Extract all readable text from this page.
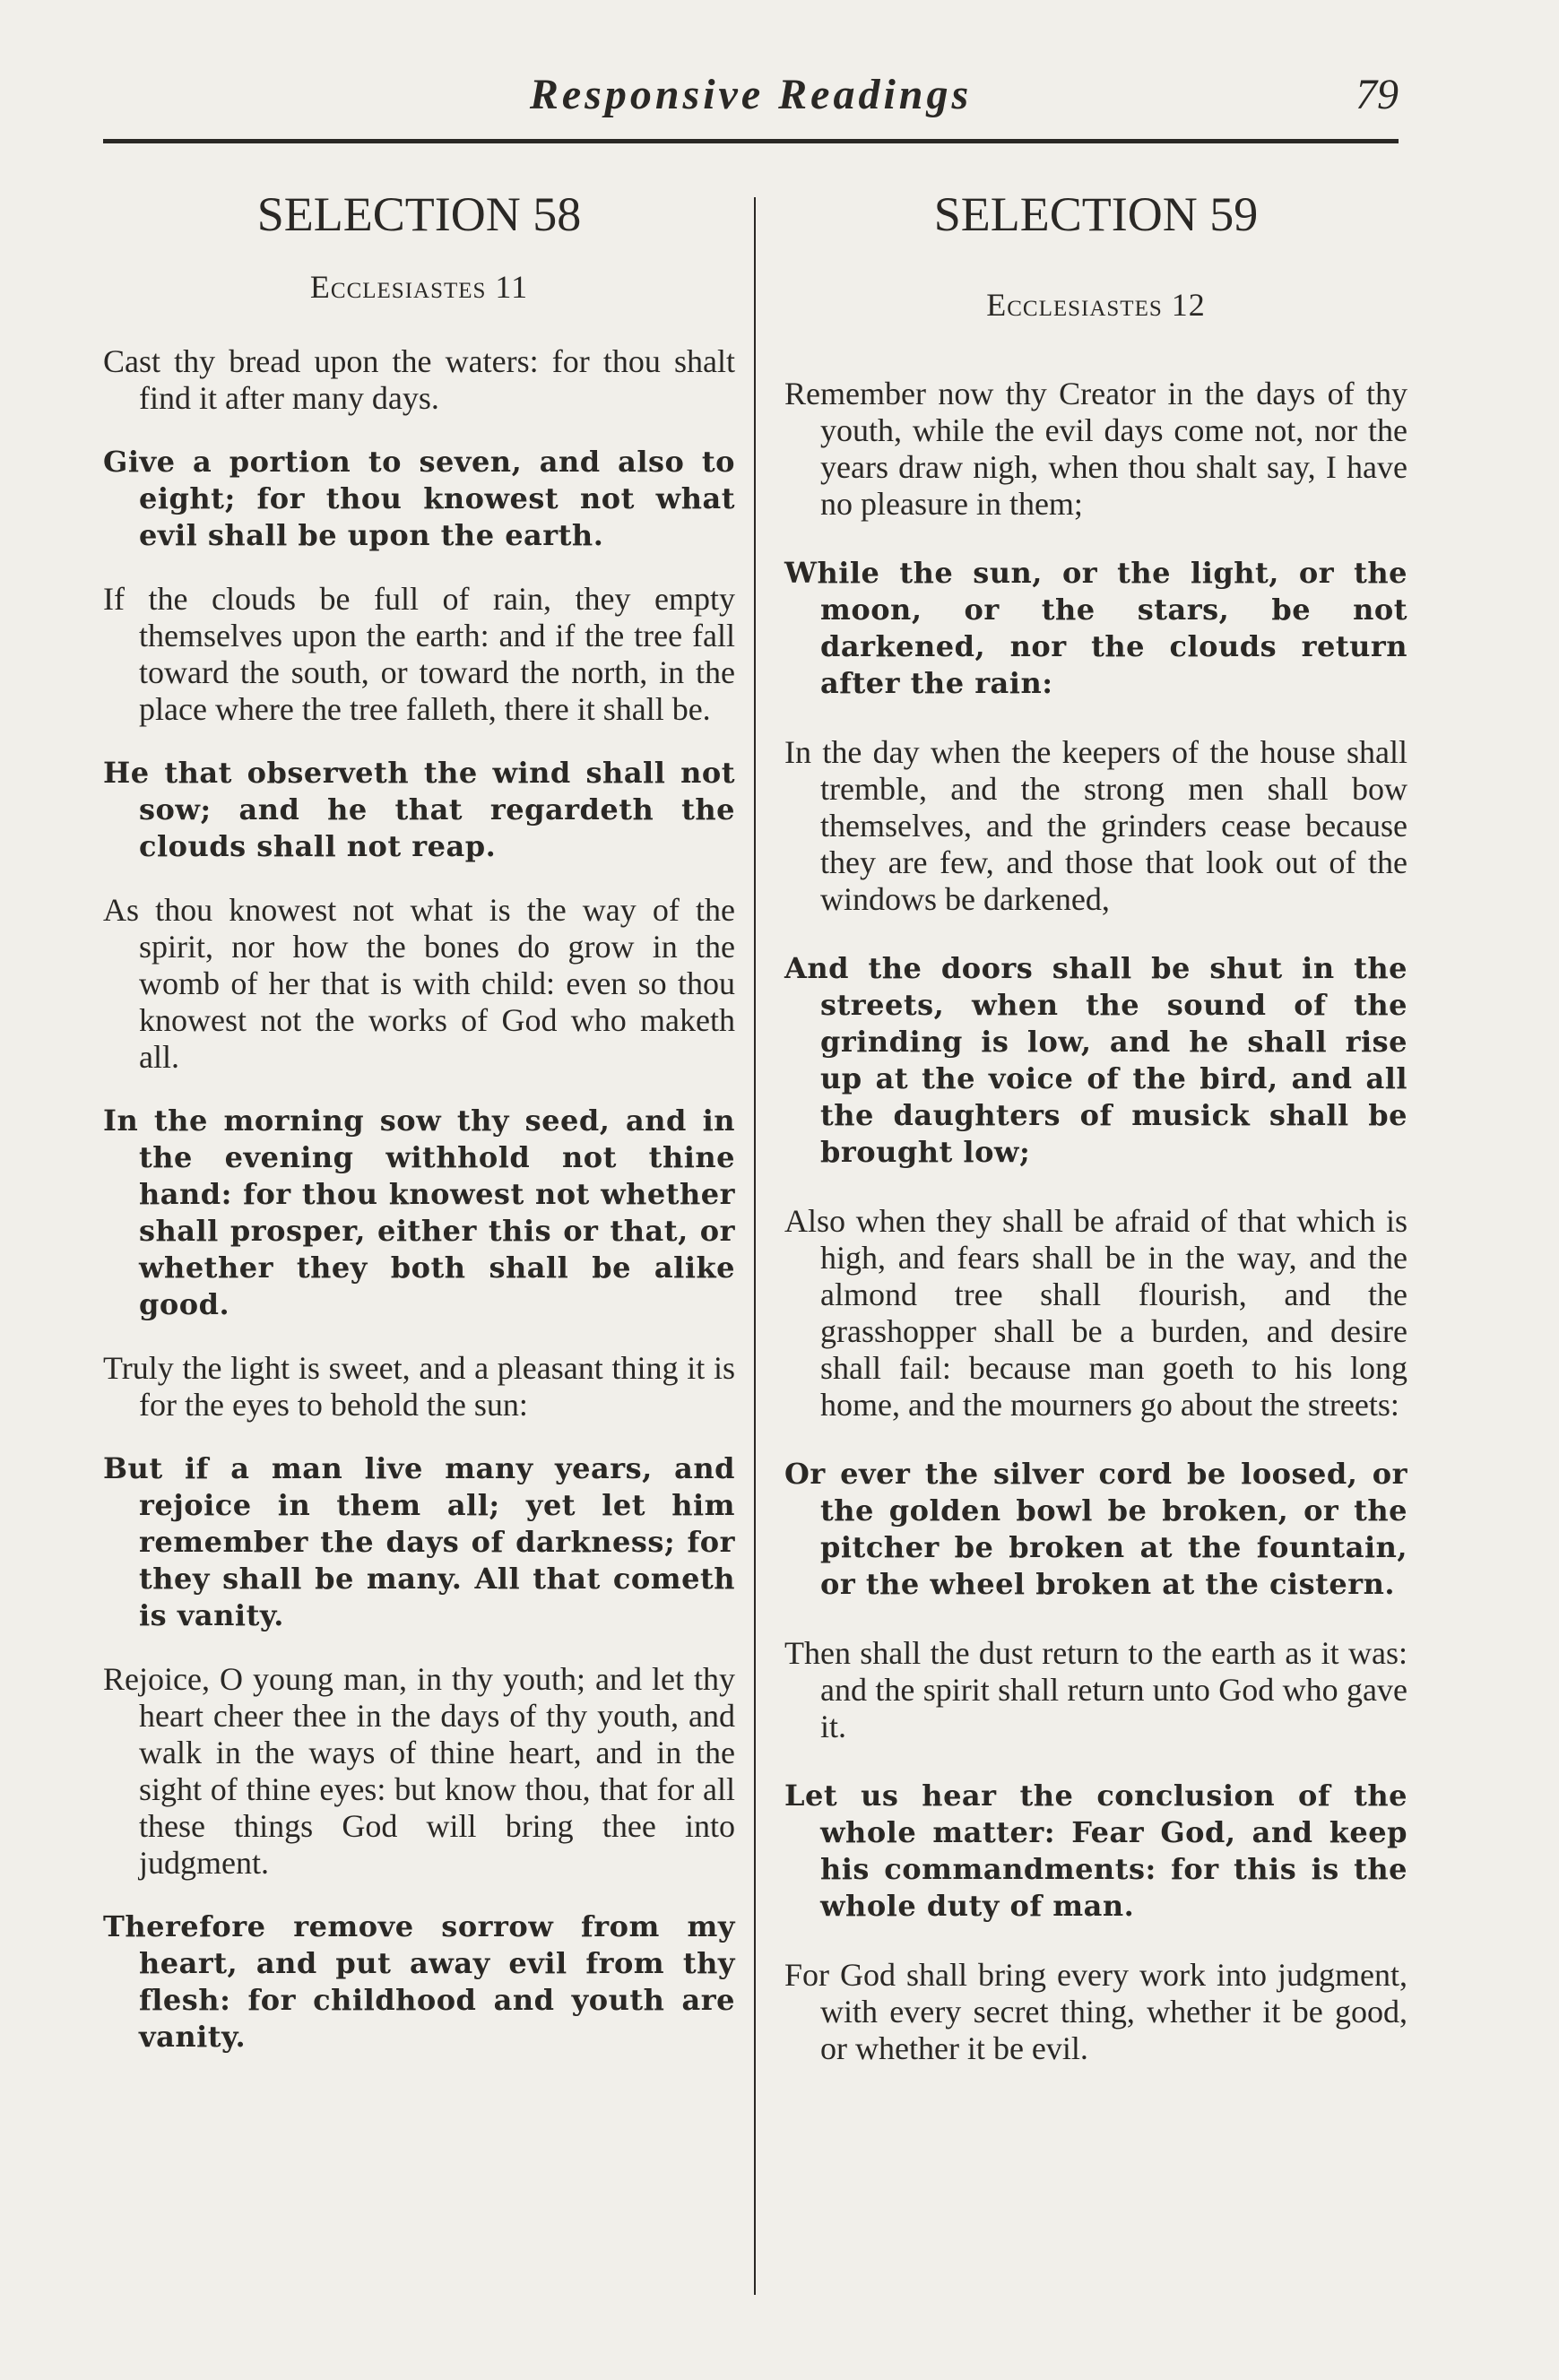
Responsive Readings	79
SELECTION 58
Ecclesiastes 11

Cast thy bread upon the waters: for thou shalt find it after many days.

Give a portion to seven, and also to eight; for thou knowest not what evil shall be upon the earth.

If the clouds be full of rain, they empty themselves upon the earth: and if the tree fall toward the south, or toward the north, in the place where the tree falleth, there it shall be.

He that observeth the wind shall not sow; and he that regardeth the clouds shall not reap.

As thou knowest not what is the way of the spirit, nor how the bones do grow in the womb of her that is with child: even so thou knowest not the works of God who maketh all.

In the morning sow thy seed, and in the evening withhold not thine hand: for thou knowest not whether shall prosper, either this or that, or whether they both shall be alike good.

Truly the light is sweet, and a pleasant thing it is for the eyes to behold the sun:

But if a man live many years, and rejoice in them all; yet let him remember the days of darkness; for they shall be many. All that cometh is vanity.

Rejoice, O young man, in thy youth; and let thy heart cheer thee in the days of thy youth, and walk in the ways of thine heart, and in the sight of thine eyes: but know thou, that for all these things God will bring thee into judgment.

Therefore remove sorrow from my heart, and put away evil from thy flesh: for childhood and youth are vanity.

SELECTION 59
Ecclesiastes 12

Remember now thy Creator in the days of thy youth, while the evil days come not, nor the years draw nigh, when thou shalt say, I have no pleasure in them;

While the sun, or the light, or the moon, or the stars, be not darkened, nor the clouds return after the rain:

In the day when the keepers of the house shall tremble, and the strong men shall bow themselves, and the grinders cease because they are few, and those that look out of the windows be darkened,

And the doors shall be shut in the streets, when the sound of the grinding is low, and he shall rise up at the voice of the bird, and all the daughters of musick shall be brought low;

Also when they shall be afraid of that which is high, and fears shall be in the way, and the almond tree shall flourish, and the grasshopper shall be a burden, and desire shall fail: because man goeth to his long home, and the mourners go about the streets:

Or ever the silver cord be loosed, or the golden bowl be broken, or the pitcher be broken at the fountain, or the wheel broken at the cistern.

Then shall the dust return to the earth as it was: and the spirit shall return unto God who gave it.

Let us hear the conclusion of the whole matter: Fear God, and keep his commandments: for this is the whole duty of man.

For God shall bring every work into judgment, with every secret thing, whether it be good, or whether it be evil.
